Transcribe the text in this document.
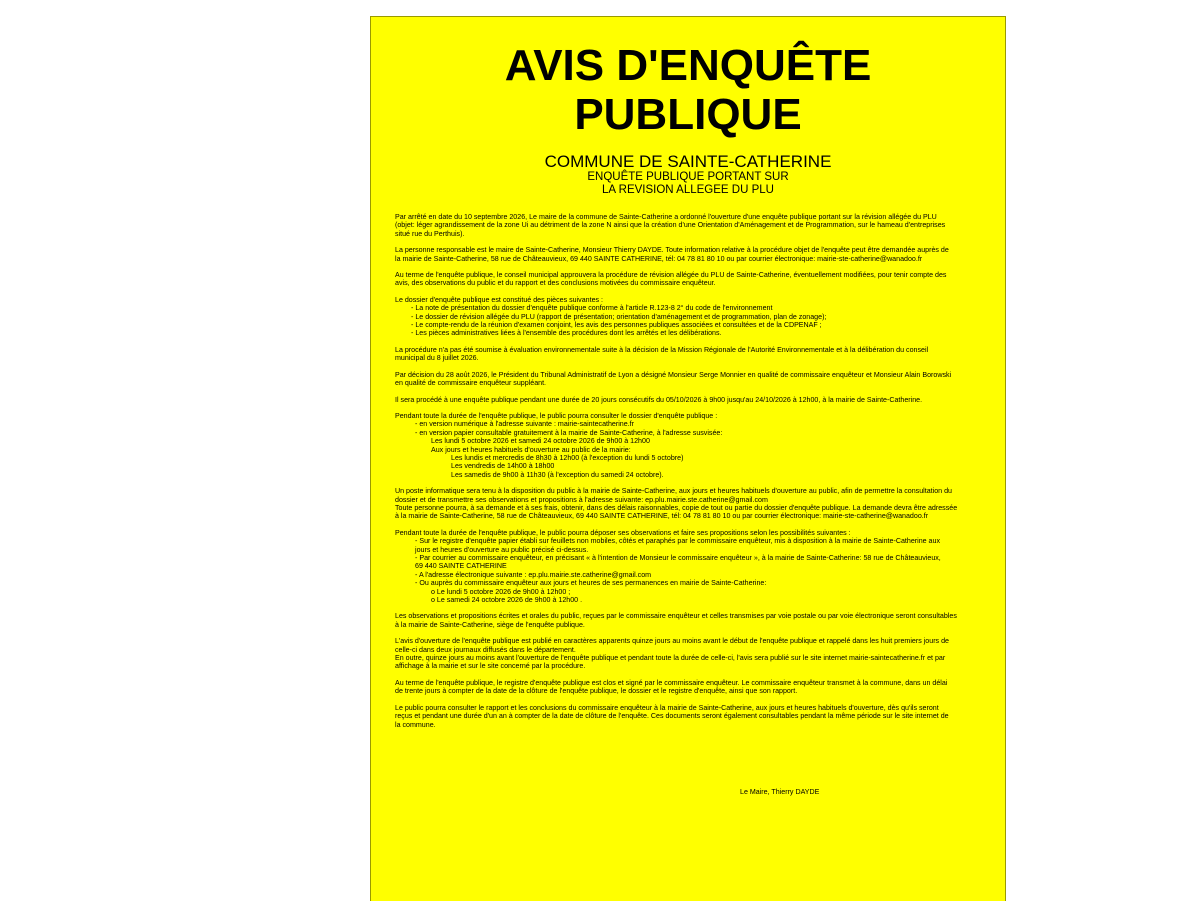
AVIS D'ENQUÊTE
PUBLIQUE
COMMUNE DE SAINTE-CATHERINE
ENQUÊTE PUBLIQUE PORTANT SUR
LA REVISION ALLEGEE DU PLU

Par arrêté en date du 10 septembre 2026, Le maire de la commune de Sainte-Catherine a ordonné l'ouverture d'une enquête publique portant sur la révision allégée du PLU
(objet: léger agrandissement de la zone Ui au détriment de la zone N ainsi que la création d'une Orientation d'Aménagement et de Programmation, sur le hameau d'entreprises
situé rue du Perthuis).

La personne responsable est le maire de Sainte-Catherine, Monsieur Thierry DAYDE. Toute information relative à la procédure objet de l'enquête peut être demandée auprès de
la mairie de Sainte-Catherine, 58 rue de Châteauvieux, 69 440 SAINTE CATHERINE, tél: 04 78 81 80 10 ou par courrier électronique: mairie-ste-catherine@wanadoo.fr

Au terme de l'enquête publique, le conseil municipal approuvera la procédure de révision allégée du PLU de Sainte-Catherine, éventuellement modifiées, pour tenir compte des
avis, des observations du public et du rapport et des conclusions motivées du commissaire enquêteur.

Le dossier d'enquête publique est constitué des pièces suivantes :
- La note de présentation du dossier d'enquête publique conforme à l'article R.123-8 2° du code de l'environnement
- Le dossier de révision allégée du PLU (rapport de présentation; orientation d'aménagement et de programmation, plan de zonage);
- Le compte-rendu de la réunion d'examen conjoint, les avis des personnes publiques associées et consultées et de la CDPENAF ;
- Les pièces administratives liées à l'ensemble des procédures dont les arrêtés et les délibérations.

La procédure n'a pas été soumise à évaluation environnementale suite à la décision de la Mission Régionale de l'Autorité Environnementale et à la délibération du conseil
municipal du 8 juillet 2026.

Par décision du 28 août 2026, le Président du Tribunal Administratif de Lyon a désigné Monsieur Serge Monnier en qualité de commissaire enquêteur et Monsieur Alain Borowski
en qualité de commissaire enquêteur suppléant.

Il sera procédé à une enquête publique pendant une durée de 20 jours consécutifs du 05/10/2026 à 9h00 jusqu'au 24/10/2026 à 12h00, à la mairie de Sainte-Catherine.

Pendant toute la durée de l'enquête publique, le public pourra consulter le dossier d'enquête publique :
- en version numérique à l'adresse suivante : mairie-saintecatherine.fr
- en version papier consultable gratuitement à la mairie de Sainte-Catherine, à l'adresse susvisée:
Les lundi 5 octobre 2026 et samedi 24 octobre 2026 de 9h00 à 12h00
Aux jours et heures habituels d'ouverture au public de la mairie:
Les lundis et mercredis de 8h30 à 12h00 (à l'exception du lundi 5 octobre)
Les vendredis de 14h00 à 18h00
Les samedis de 9h00 à 11h30 (à l'exception du samedi 24 octobre).

Un poste informatique sera tenu à la disposition du public à la mairie de Sainte-Catherine, aux jours et heures habituels d'ouverture au public, afin de permettre la consultation du
dossier et de transmettre ses observations et propositions à l'adresse suivante: ep.plu.mairie.ste.catherine@gmail.com
Toute personne pourra, à sa demande et à ses frais, obtenir, dans des délais raisonnables, copie de tout ou partie du dossier d'enquête publique. La demande devra être adressée
à la mairie de Sainte-Catherine, 58 rue de Châteauvieux, 69 440 SAINTE CATHERINE, tél: 04 78 81 80 10 ou par courrier électronique: mairie-ste-catherine@wanadoo.fr

Pendant toute la durée de l'enquête publique, le public pourra déposer ses observations et faire ses propositions selon les possibilités suivantes :
- Sur le registre d'enquête papier établi sur feuillets non mobiles, côtés et paraphés par le commissaire enquêteur, mis à disposition à la mairie de Sainte-Catherine aux
jours et heures d'ouverture au public précisé ci-dessus.
- Par courrier au commissaire enquêteur, en précisant « à l'intention de Monsieur le commissaire enquêteur », à la mairie de Sainte-Catherine: 58 rue de Châteauvieux,
69 440 SAINTE CATHERINE
- A l'adresse électronique suivante : ep.plu.mairie.ste.catherine@gmail.com
- Ou auprès du commissaire enquêteur aux jours et heures de ses permanences en mairie de Sainte-Catherine:
o Le lundi 5 octobre 2026 de 9h00 à 12h00 ;
o Le samedi 24 octobre 2026 de 9h00 à 12h00 .

Les observations et propositions écrites et orales du public, reçues par le commissaire enquêteur et celles transmises par voie postale ou par voie électronique seront consultables
à la mairie de Sainte-Catherine, siège de l'enquête publique.

L'avis d'ouverture de l'enquête publique est publié en caractères apparents quinze jours au moins avant le début de l'enquête publique et rappelé dans les huit premiers jours de
celle-ci dans deux journaux diffusés dans le département.
En outre, quinze jours au moins avant l'ouverture de l'enquête publique et pendant toute la durée de celle-ci, l'avis sera publié sur le site internet mairie-saintecatherine.fr et par
affichage à la mairie et sur le site concerné par la procédure.

Au terme de l'enquête publique, le registre d'enquête publique est clos et signé par le commissaire enquêteur. Le commissaire enquêteur transmet à la commune, dans un délai
de trente jours à compter de la date de la clôture de l'enquête publique, le dossier et le registre d'enquête, ainsi que son rapport.

Le public pourra consulter le rapport et les conclusions du commissaire enquêteur à la mairie de Sainte-Catherine, aux jours et heures habituels d'ouverture, dès qu'ils seront
reçus et pendant une durée d'un an à compter de la date de clôture de l'enquête. Ces documents seront également consultables pendant la même période sur le site internet de
la commune.

Le Maire, Thierry DAYDE
